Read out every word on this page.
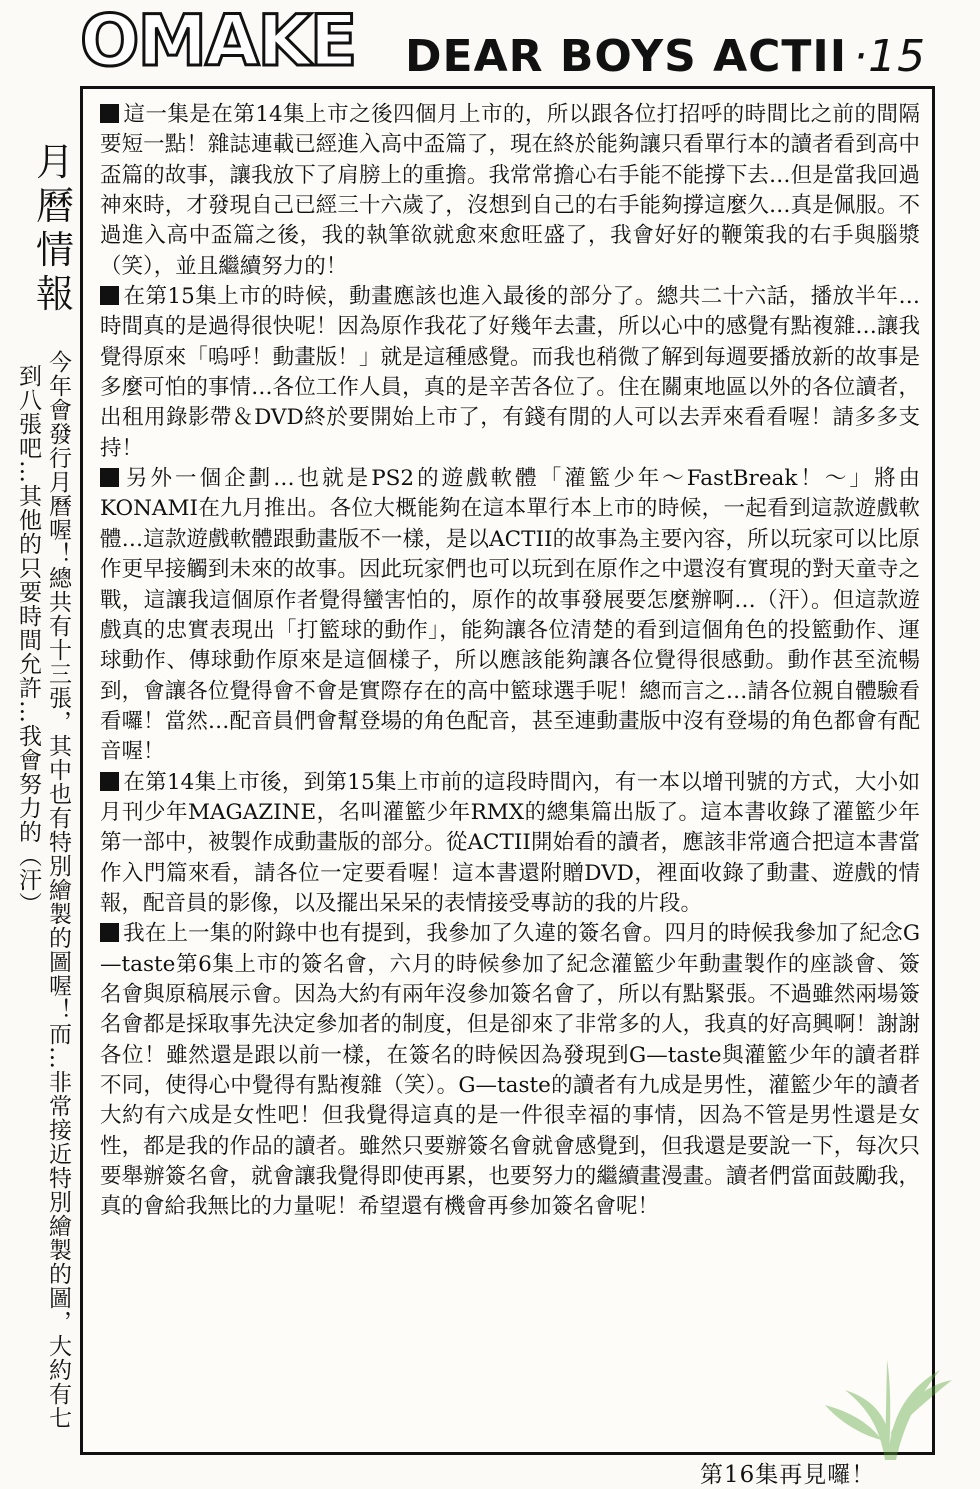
OMAKE DEAR BOYS ACTII ·15
月
曆
情
報
今年會發行月曆喔！總共有十三張，其中也有特別繪製的圖喔！而…非常接近特別繪製的圖，大約有七
到八張吧…其他的只要時間允許…我會努力的（汗）

這一集是在第14集上市之後四個月上市的，所以跟各位打招呼的時間比之前的間隔要短一點！雜誌連載已經進入高中盃篇了，現在終於能夠讓只看單行本的讀者看到高中盃篇的故事，讓我放下了肩膀上的重擔。我常常擔心右手能不能撐下去…但是當我回過神來時，才發現自己已經三十六歲了，沒想到自己的右手能夠撐這麼久…真是佩服。不過進入高中盃篇之後，我的執筆欲就愈來愈旺盛了，我會好好的鞭策我的右手與腦漿（笑），並且繼續努力的！

在第15集上市的時候，動畫應該也進入最後的部分了。總共二十六話，播放半年…時間真的是過得很快呢！因為原作我花了好幾年去畫，所以心中的感覺有點複雜…讓我覺得原來「嗚呼！動畫版！」就是這種感覺。而我也稍微了解到每週要播放新的故事是多麼可怕的事情…各位工作人員，真的是辛苦各位了。住在關東地區以外的各位讀者，出租用錄影帶＆DVD終於要開始上市了，有錢有閒的人可以去弄來看看喔！請多多支持！

另外一個企劃…也就是PS2的遊戲軟體「灌籃少年～FastBreak！～」將由KONAMI在九月推出。各位大概能夠在這本單行本上市的時候，一起看到這款遊戲軟體…這款遊戲軟體跟動畫版不一樣，是以ACTII的故事為主要內容，所以玩家可以比原作更早接觸到未來的故事。因此玩家們也可以玩到在原作之中還沒有實現的對天童寺之戰，這讓我這個原作者覺得蠻害怕的，原作的故事發展要怎麼辦啊…（汗）。但這款遊戲真的忠實表現出「打籃球的動作」，能夠讓各位清楚的看到這個角色的投籃動作、運球動作、傳球動作原來是這個樣子，所以應該能夠讓各位覺得很感動。動作甚至流暢到，會讓各位覺得會不會是實際存在的高中籃球選手呢！總而言之…請各位親自體驗看看囉！當然…配音員們會幫登場的角色配音，甚至連動畫版中沒有登場的角色都會有配音喔！

在第14集上市後，到第15集上市前的這段時間內，有一本以增刊號的方式，大小如月刊少年MAGAZINE，名叫灌籃少年RMX的總集篇出版了。這本書收錄了灌籃少年第一部中，被製作成動畫版的部分。從ACTII開始看的讀者，應該非常適合把這本書當作入門篇來看，請各位一定要看喔！這本書還附贈DVD，裡面收錄了動畫、遊戲的情報，配音員的影像，以及擺出呆呆的表情接受專訪的我的片段。

我在上一集的附錄中也有提到，我參加了久違的簽名會。四月的時候我參加了紀念G—taste第6集上市的簽名會，六月的時候參加了紀念灌籃少年動畫製作的座談會、簽名會與原稿展示會。因為大約有兩年沒參加簽名會了，所以有點緊張。不過雖然兩場簽名會都是採取事先決定參加者的制度，但是卻來了非常多的人，我真的好高興啊！謝謝各位！雖然還是跟以前一樣，在簽名的時候因為發現到G—taste與灌籃少年的讀者群不同，使得心中覺得有點複雜（笑）。G—taste的讀者有九成是男性，灌籃少年的讀者大約有六成是女性吧！但我覺得這真的是一件很幸福的事情，因為不管是男性還是女性，都是我的作品的讀者。雖然只要辦簽名會就會感覺到，但我還是要說一下，每次只要舉辦簽名會，就會讓我覺得即使再累，也要努力的繼續畫漫畫。讀者們當面鼓勵我，真的會給我無比的力量呢！希望還有機會再參加簽名會呢！

第16集再見囉！
